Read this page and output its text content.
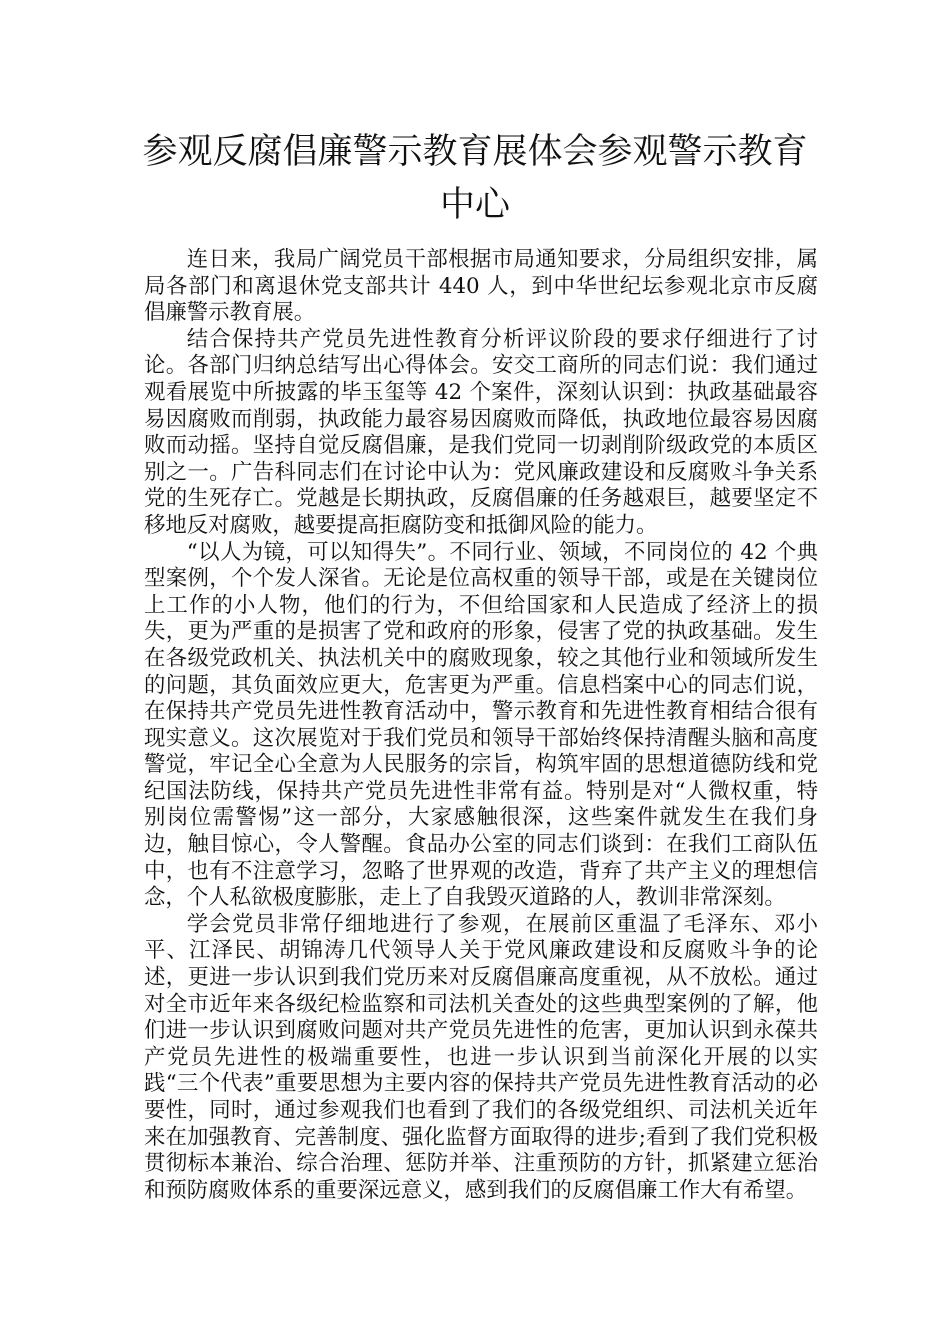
参观反腐倡廉警示教育展体会参观警示教育中心

连日来，我局广阔党员干部根据市局通知要求，分局组织安排，属局各部门和离退休党支部共计 440 人，到中华世纪坛参观北京市反腐倡廉警示教育展。

结合保持共产党员先进性教育分析评议阶段的要求仔细进行了讨论。各部门归纳总结写出心得体会。安交工商所的同志们说：我们通过观看展览中所披露的毕玉玺等 42 个案件，深刻认识到：执政基础最容易因腐败而削弱，执政能力最容易因腐败而降低，执政地位最容易因腐败而动摇。坚持自觉反腐倡廉，是我们党同一切剥削阶级政党的本质区别之一。广告科同志们在讨论中认为：党风廉政建设和反腐败斗争关系党的生死存亡。党越是长期执政，反腐倡廉的任务越艰巨，越要坚定不移地反对腐败，越要提高拒腐防变和抵御风险的能力。

“以人为镜，可以知得失”。不同行业、领域，不同岗位的 42 个典型案例，个个发人深省。无论是位高权重的领导干部，或是在关键岗位上工作的小人物，他们的行为，不但给国家和人民造成了经济上的损失，更为严重的是损害了党和政府的形象，侵害了党的执政基础。发生在各级党政机关、执法机关中的腐败现象，较之其他行业和领域所发生的问题，其负面效应更大，危害更为严重。信息档案中心的同志们说，在保持共产党员先进性教育活动中，警示教育和先进性教育相结合很有现实意义。这次展览对于我们党员和领导干部始终保持清醒头脑和高度警觉，牢记全心全意为人民服务的宗旨，构筑牢固的思想道德防线和党纪国法防线，保持共产党员先进性非常有益。特别是对“人微权重，特别岗位需警惕”这一部分，大家感触很深，这些案件就发生在我们身边，触目惊心，令人警醒。食品办公室的同志们谈到：在我们工商队伍中，也有不注意学习，忽略了世界观的改造，背弃了共产主义的理想信念，个人私欲极度膨胀，走上了自我毁灭道路的人，教训非常深刻。

学会党员非常仔细地进行了参观，在展前区重温了毛泽东、邓小平、江泽民、胡锦涛几代领导人关于党风廉政建设和反腐败斗争的论述，更进一步认识到我们党历来对反腐倡廉高度重视，从不放松。通过对全市近年来各级纪检监察和司法机关查处的这些典型案例的了解，他们进一步认识到腐败问题对共产党员先进性的危害，更加认识到永葆共产党员先进性的极端重要性，也进一步认识到当前深化开展的以实践“三个代表”重要思想为主要内容的保持共产党员先进性教育活动的必要性，同时，通过参观我们也看到了我们的各级党组织、司法机关近年来在加强教育、完善制度、强化监督方面取得的进步;看到了我们党积极贯彻标本兼治、综合治理、惩防并举、注重预防的方针，抓紧建立惩治和预防腐败体系的重要深远意义，感到我们的反腐倡廉工作大有希望。
